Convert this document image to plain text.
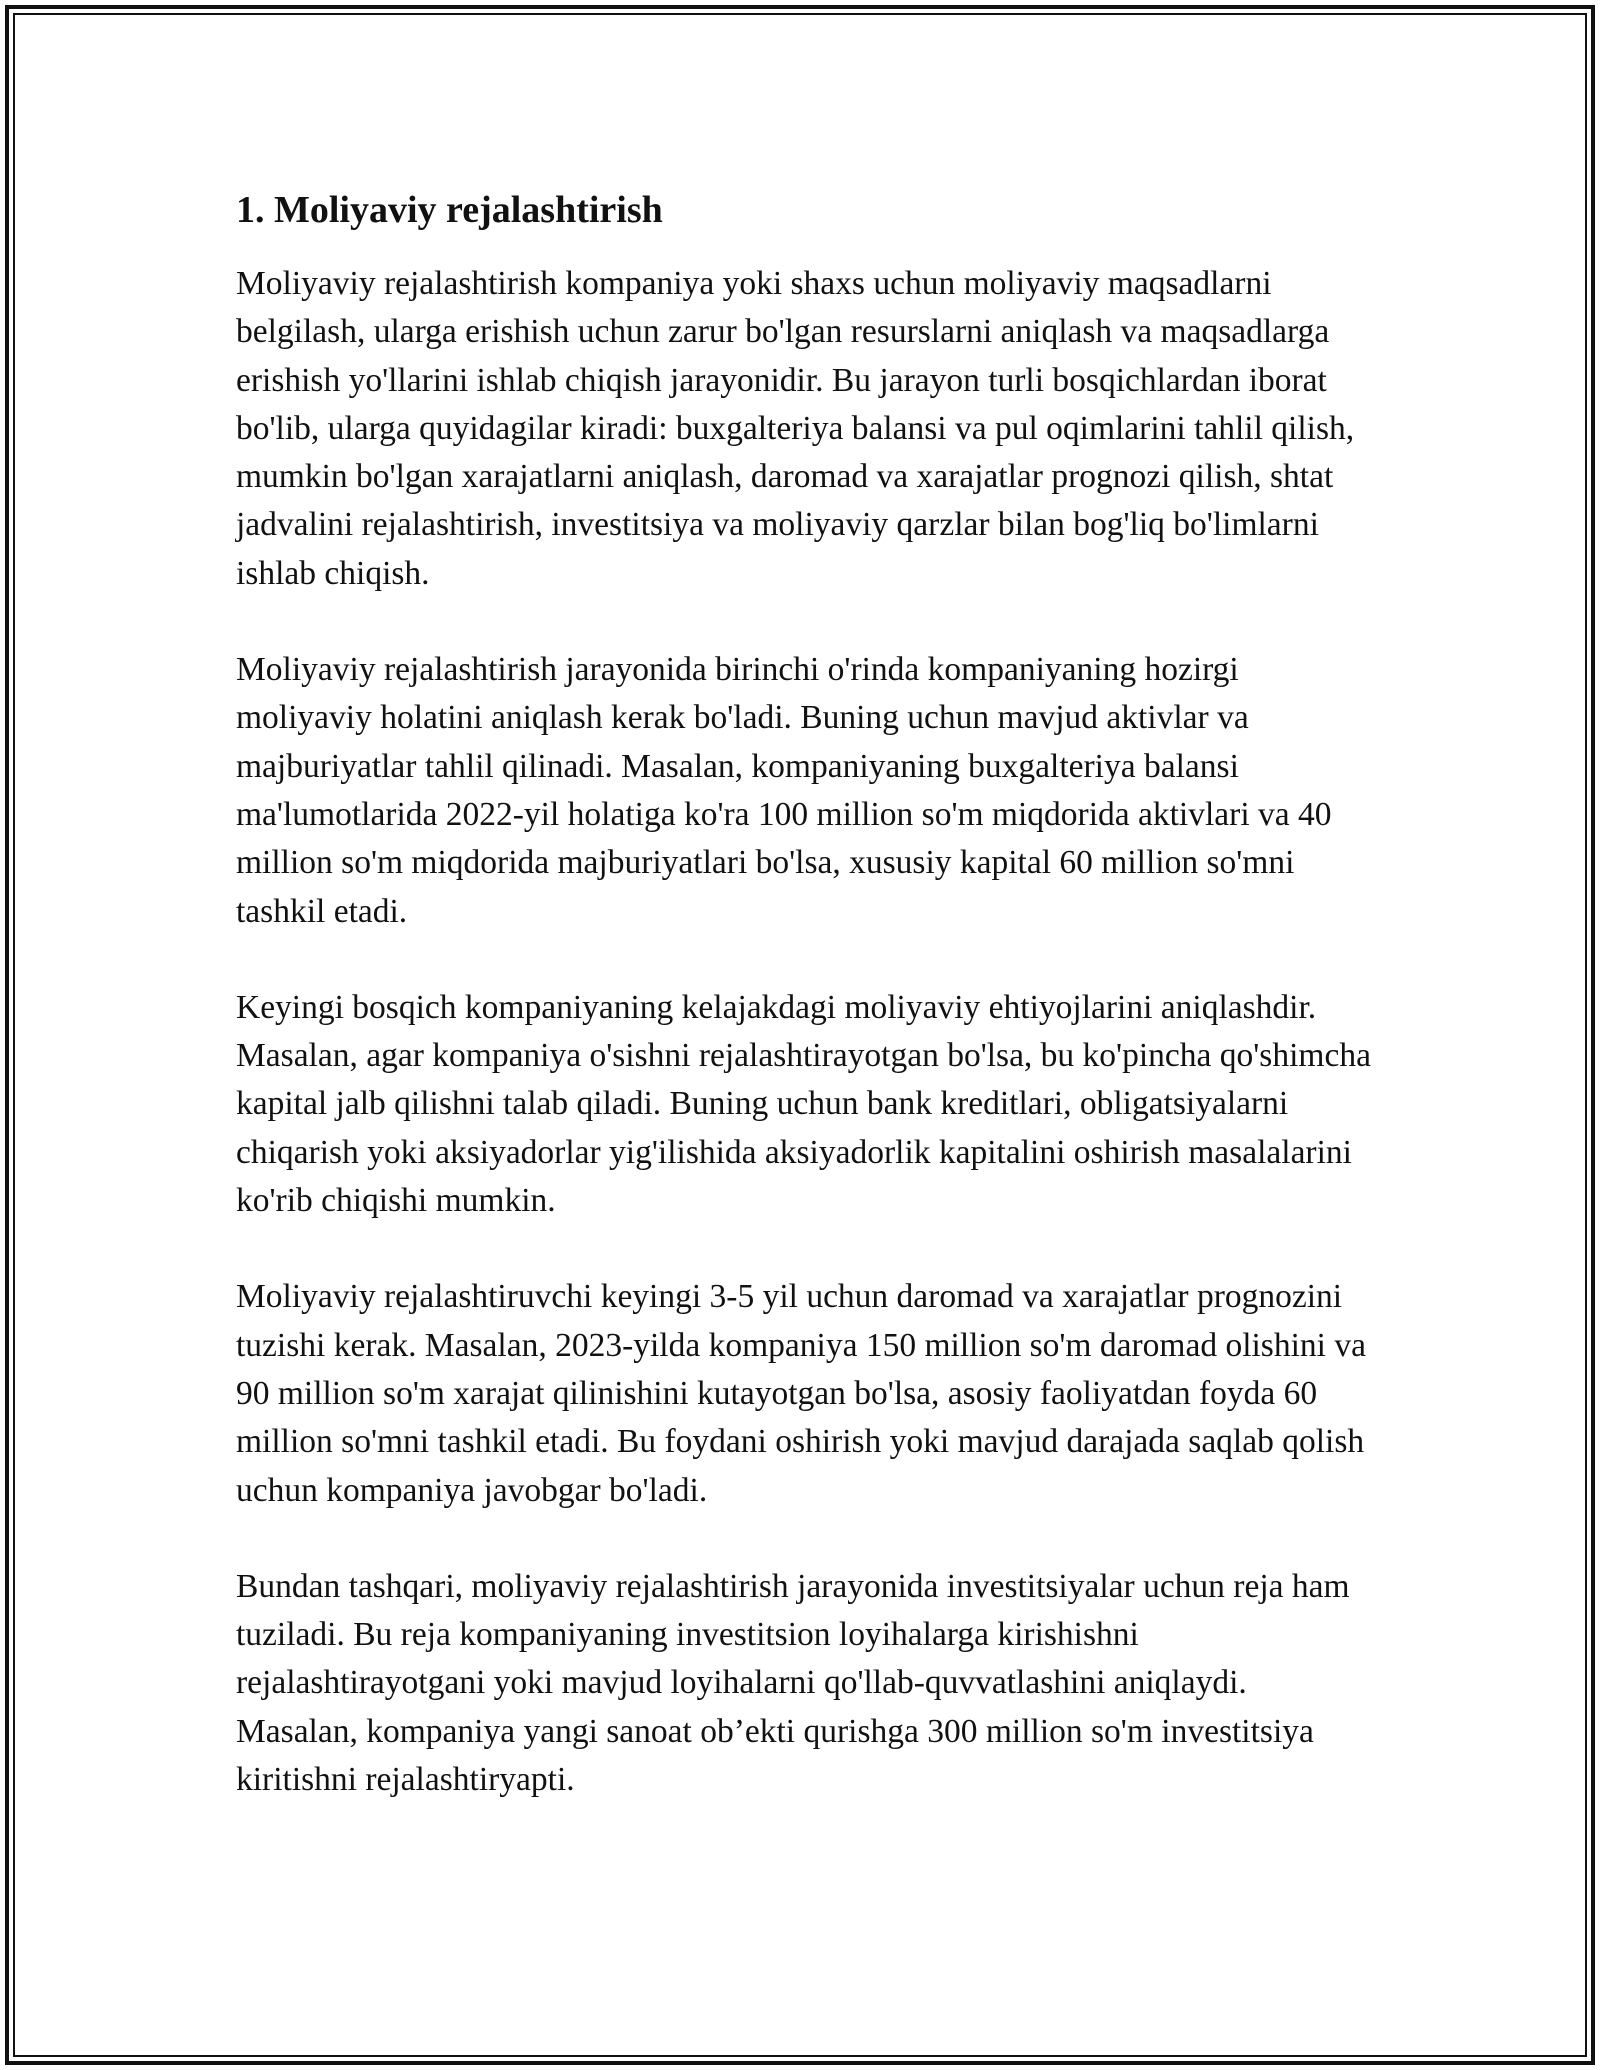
1. Moliyaviy rejalashtirish

Moliyaviy rejalashtirish kompaniya yoki shaxs uchun moliyaviy maqsadlarni belgilash, ularga erishish uchun zarur bo'lgan resurslarni aniqlash va maqsadlarga erishish yo'llarini ishlab chiqish jarayonidir. Bu jarayon turli bosqichlardan iborat bo'lib, ularga quyidagilar kiradi: buxgalteriya balansi va pul oqimlarini tahlil qilish, mumkin bo'lgan xarajatlarni aniqlash, daromad va xarajatlar prognozi qilish, shtat jadvalini rejalashtirish, investitsiya va moliyaviy qarzlar bilan bog'liq bo'limlarni ishlab chiqish.

Moliyaviy rejalashtirish jarayonida birinchi o'rinda kompaniyaning hozirgi moliyaviy holatini aniqlash kerak bo'ladi. Buning uchun mavjud aktivlar va majburiyatlar tahlil qilinadi. Masalan, kompaniyaning buxgalteriya balansi ma'lumotlarida 2022-yil holatiga ko'ra 100 million so'm miqdorida aktivlari va 40 million so'm miqdorida majburiyatlari bo'lsa, xususiy kapital 60 million so'mni tashkil etadi.

Keyingi bosqich kompaniyaning kelajakdagi moliyaviy ehtiyojlarini aniqlashdir. Masalan, agar kompaniya o'sishni rejalashtirayotgan bo'lsa, bu ko'pincha qo'shimcha kapital jalb qilishni talab qiladi. Buning uchun bank kreditlari, obligatsiyalarni chiqarish yoki aksiyadorlar yig'ilishida aksiyadorlik kapitalini oshirish masalalarini ko'rib chiqishi mumkin.

Moliyaviy rejalashtiruvchi keyingi 3-5 yil uchun daromad va xarajatlar prognozini tuzishi kerak. Masalan, 2023-yilda kompaniya 150 million so'm daromad olishini va 90 million so'm xarajat qilinishini kutayotgan bo'lsa, asosiy faoliyatdan foyda 60 million so'mni tashkil etadi. Bu foydani oshirish yoki mavjud darajada saqlab qolish uchun kompaniya javobgar bo'ladi.

Bundan tashqari, moliyaviy rejalashtirish jarayonida investitsiyalar uchun reja ham tuziladi. Bu reja kompaniyaning investitsion loyihalarga kirishishni rejalashtirayotgani yoki mavjud loyihalarni qo'llab-quvvatlashini aniqlaydi. Masalan, kompaniya yangi sanoat ob’ekti qurishga 300 million so'm investitsiya kiritishni rejalashtiryapti.
